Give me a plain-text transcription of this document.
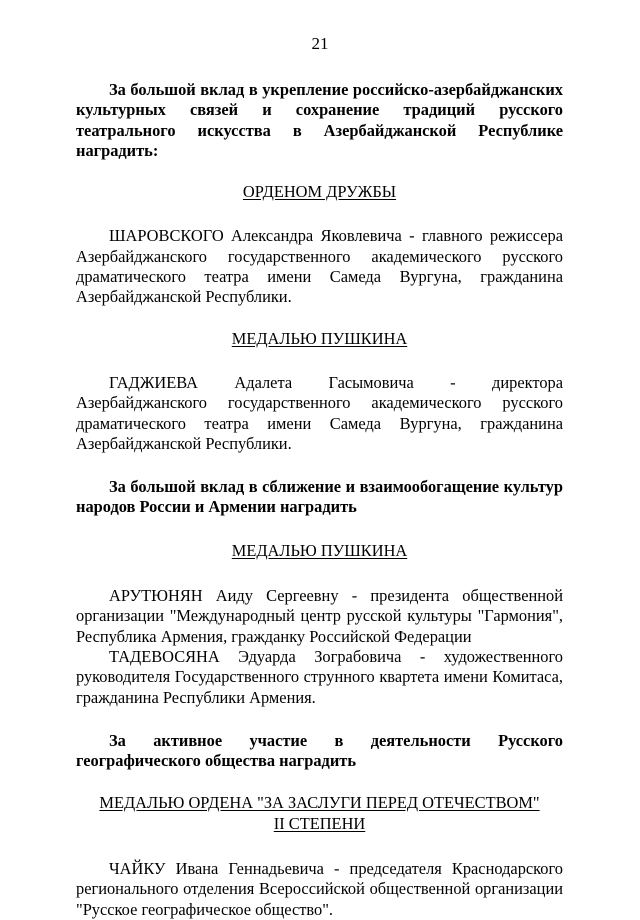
21

За большой вклад в укрепление российско-азербайджанских культурных связей и сохранение традиций русского театрального искусства в Азербайджанской Республике наградить:

ОРДЕНОМ ДРУЖБЫ

ШАРОВСКОГО Александра Яковлевича - главного режиссера Азербайджанского государственного академического русского драматического театра имени Самеда Вургуна, гражданина Азербайджанской Республики.

МЕДАЛЬЮ ПУШКИНА

ГАДЖИЕВА Адалета Гасымовича - директора Азербайджанского государственного академического русского драматического театра имени Самеда Вургуна, гражданина Азербайджанской Республики.

За большой вклад в сближение и взаимообогащение культур народов России и Армении наградить

МЕДАЛЬЮ ПУШКИНА

АРУТЮНЯН Аиду Сергеевну - президента общественной организации "Международный центр русской культуры "Гармония", Республика Армения, гражданку Российской Федерации

ТАДЕВОСЯНА Эдуарда Зограбовича - художественного руководителя Государственного струнного квартета имени Комитаса, гражданина Республики Армения.

За активное участие в деятельности Русского географического общества наградить

МЕДАЛЬЮ ОРДЕНА "ЗА ЗАСЛУГИ ПЕРЕД ОТЕЧЕСТВОМ"
II СТЕПЕНИ

ЧАЙКУ Ивана Геннадьевича - председателя Краснодарского регионального отделения Всероссийской общественной организации "Русское географическое общество".
